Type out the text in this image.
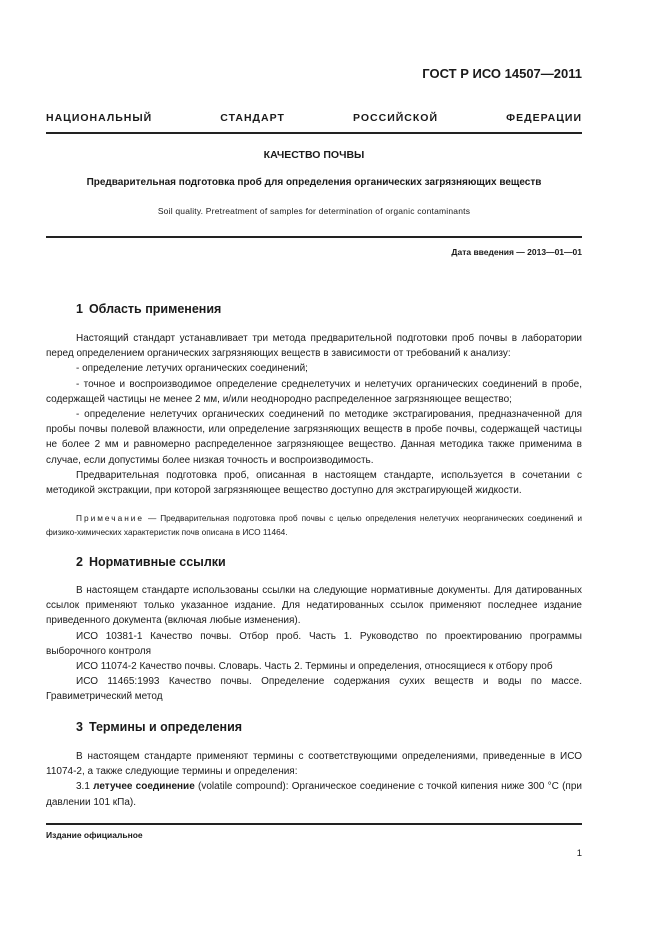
ГОСТ Р ИСО 14507—2011
НАЦИОНАЛЬНЫЙ СТАНДАРТ РОССИЙСКОЙ ФЕДЕРАЦИИ
КАЧЕСТВО ПОЧВЫ
Предварительная подготовка проб для определения органических загрязняющих веществ
Soil quality. Pretreatment of samples for determination of organic contaminants
Дата введения — 2013—01—01
1 Область применения

Настоящий стандарт устанавливает три метода предварительной подготовки проб почвы в лаборатории перед определением органических загрязняющих веществ в зависимости от требований к анализу:

- определение летучих органических соединений;

- точное и воспроизводимое определение среднелетучих и нелетучих органических соединений в пробе, содержащей частицы не менее 2 мм, и/или неоднородно распределенное загрязняющее вещество;

- определение нелетучих органических соединений по методике экстрагирования, предназначенной для пробы почвы полевой влажности, или определение загрязняющих веществ в пробе почвы, содержащей частицы не более 2 мм и равномерно распределенное загрязняющее вещество. Данная методика также применима в случае, если допустимы более низкая точность и воспроизводимость.

Предварительная подготовка проб, описанная в настоящем стандарте, используется в сочетании с методикой экстракции, при которой загрязняющее вещество доступно для экстрагирующей жидкости.

Примечание — Предварительная подготовка проб почвы с целью определения нелетучих неорганических соединений и физико-химических характеристик почв описана в ИСО 11464.

2 Нормативные ссылки

В настоящем стандарте использованы ссылки на следующие нормативные документы. Для датированных ссылок применяют только указанное издание. Для недатированных ссылок применяют последнее издание приведенного документа (включая любые изменения).

ИСО 10381-1 Качество почвы. Отбор проб. Часть 1. Руководство по проектированию программы выборочного контроля

ИСО 11074-2 Качество почвы. Словарь. Часть 2. Термины и определения, относящиеся к отбору проб

ИСО 11465:1993 Качество почвы. Определение содержания сухих веществ и воды по массе. Гравиметрический метод

3 Термины и определения

В настоящем стандарте применяют термины с соответствующими определениями, приведенные в ИСО 11074-2, а также следующие термины и определения:

3.1 летучее соединение (volatile compound): Органическое соединение с точкой кипения ниже 300 °С (при давлении 101 кПа).

Издание официальное
1
